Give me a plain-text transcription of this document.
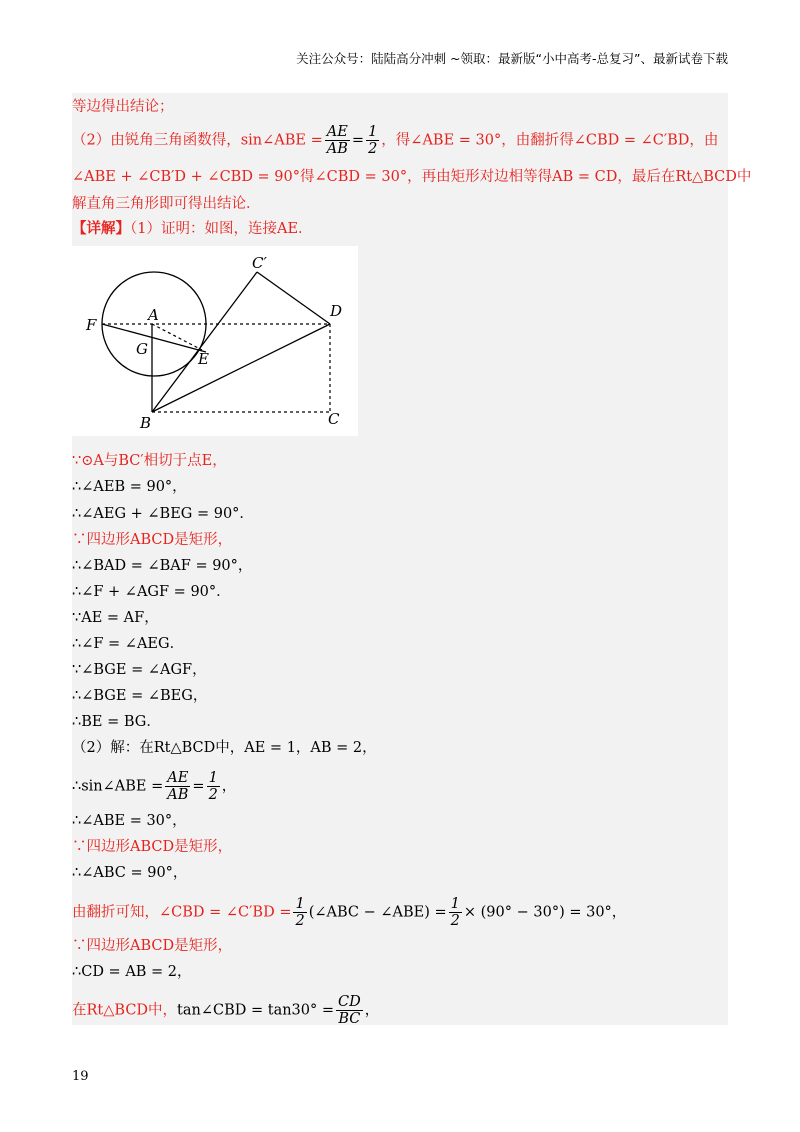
关注公众号：陆陆高分冲刺 ~领取：最新版“小中高考-总复习”、最新试卷下载
等边得出结论；
（2）由锐角三角函数得，sin∠ABE = $\frac{AE}{AB} = \frac{1}{2}$ ，得∠ABE = 30°，由翻折得∠CBD = ∠C′BD，由
∠ABE + ∠CB′D + ∠CBD = 90°得∠CBD = 30°，再由矩形对边相等得AB = CD，最后在Rt△BCD中
解直角三角形即可得出结论．
【详解】（1）证明：如图，连接AE．
C′
D
F
A
G
E
B	C
∵⊙A与BC′相切于点E，
∴∠AEB = 90°，
∴∠AEG + ∠BEG = 90°．
∵四边形ABCD是矩形，
∴∠BAD = ∠BAF = 90°，
∴∠F + ∠AGF = 90°．
∵AE = AF，
∴∠F = ∠AEG．
∵∠BGE = ∠AGF，
∴∠BGE = ∠BEG，
∴BE = BG．
（2）解：在Rt△BCD中，AE = 1，AB = 2，
∴sin∠ABE = $\frac{AE}{AB} = \frac{1}{2}$ ，
∴∠ABE = 30°，
∵四边形ABCD是矩形，
∴∠ABC = 90°，
由翻折可知，∠CBD = ∠C′BD = $\frac{1}{2}$ (∠ABC − ∠ABE) = $\frac{1}{2} \times (90^\circ - 30^\circ) = 30^\circ$，
∵四边形ABCD是矩形，
∴CD = AB = 2，
在Rt△BCD中，tan∠CBD = $\tan 30^\circ = \frac{CD}{BC}$ ，
19
